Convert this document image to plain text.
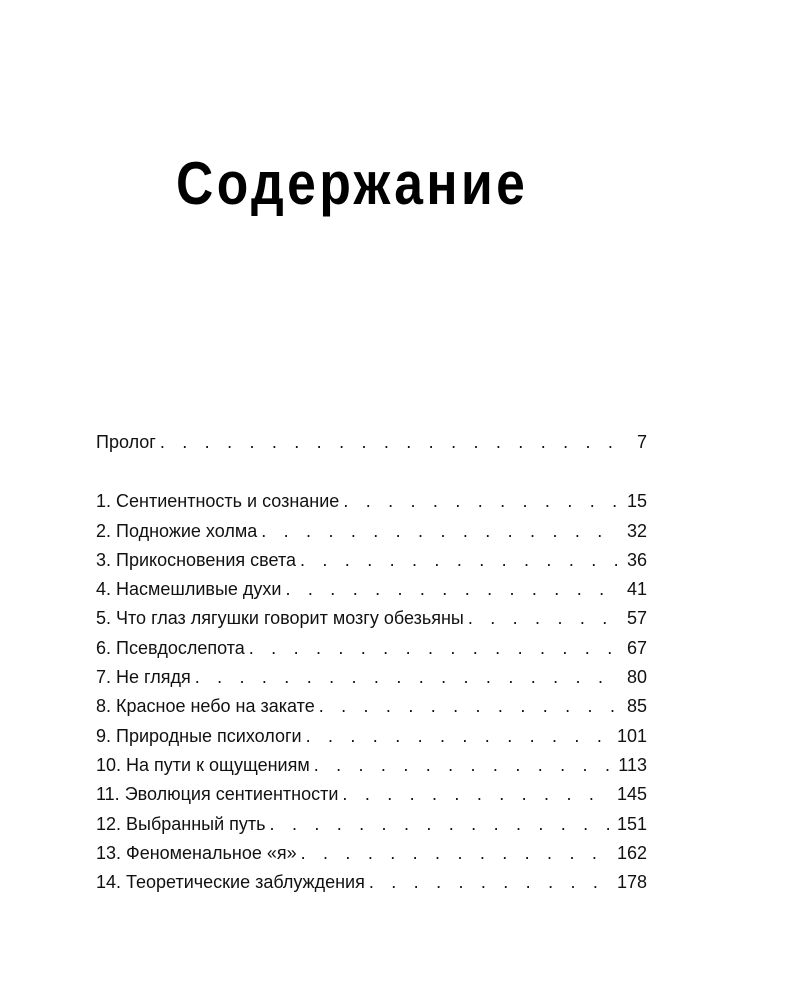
Содержание
Пролог . . .	7
1. Сентиентность и сознание . . .	15
2. Подножие холма . . .	32
3. Прикосновения света . . .	36
4. Насмешливые духи . . .	41
5. Что глаз лягушки говорит мозгу обезьяны . . .	57
6. Псевдослепота . . .	67
7. Не глядя . . .	80
8. Красное небо на закате . . .	85
9. Природные психологи . . .	101
10. На пути к ощущениям . . .	113
11. Эволюция сентиентности . . .	145
12. Выбранный путь . . .	151
13. Феноменальное «я» . . .	162
14. Теоретические заблуждения . . .	178
